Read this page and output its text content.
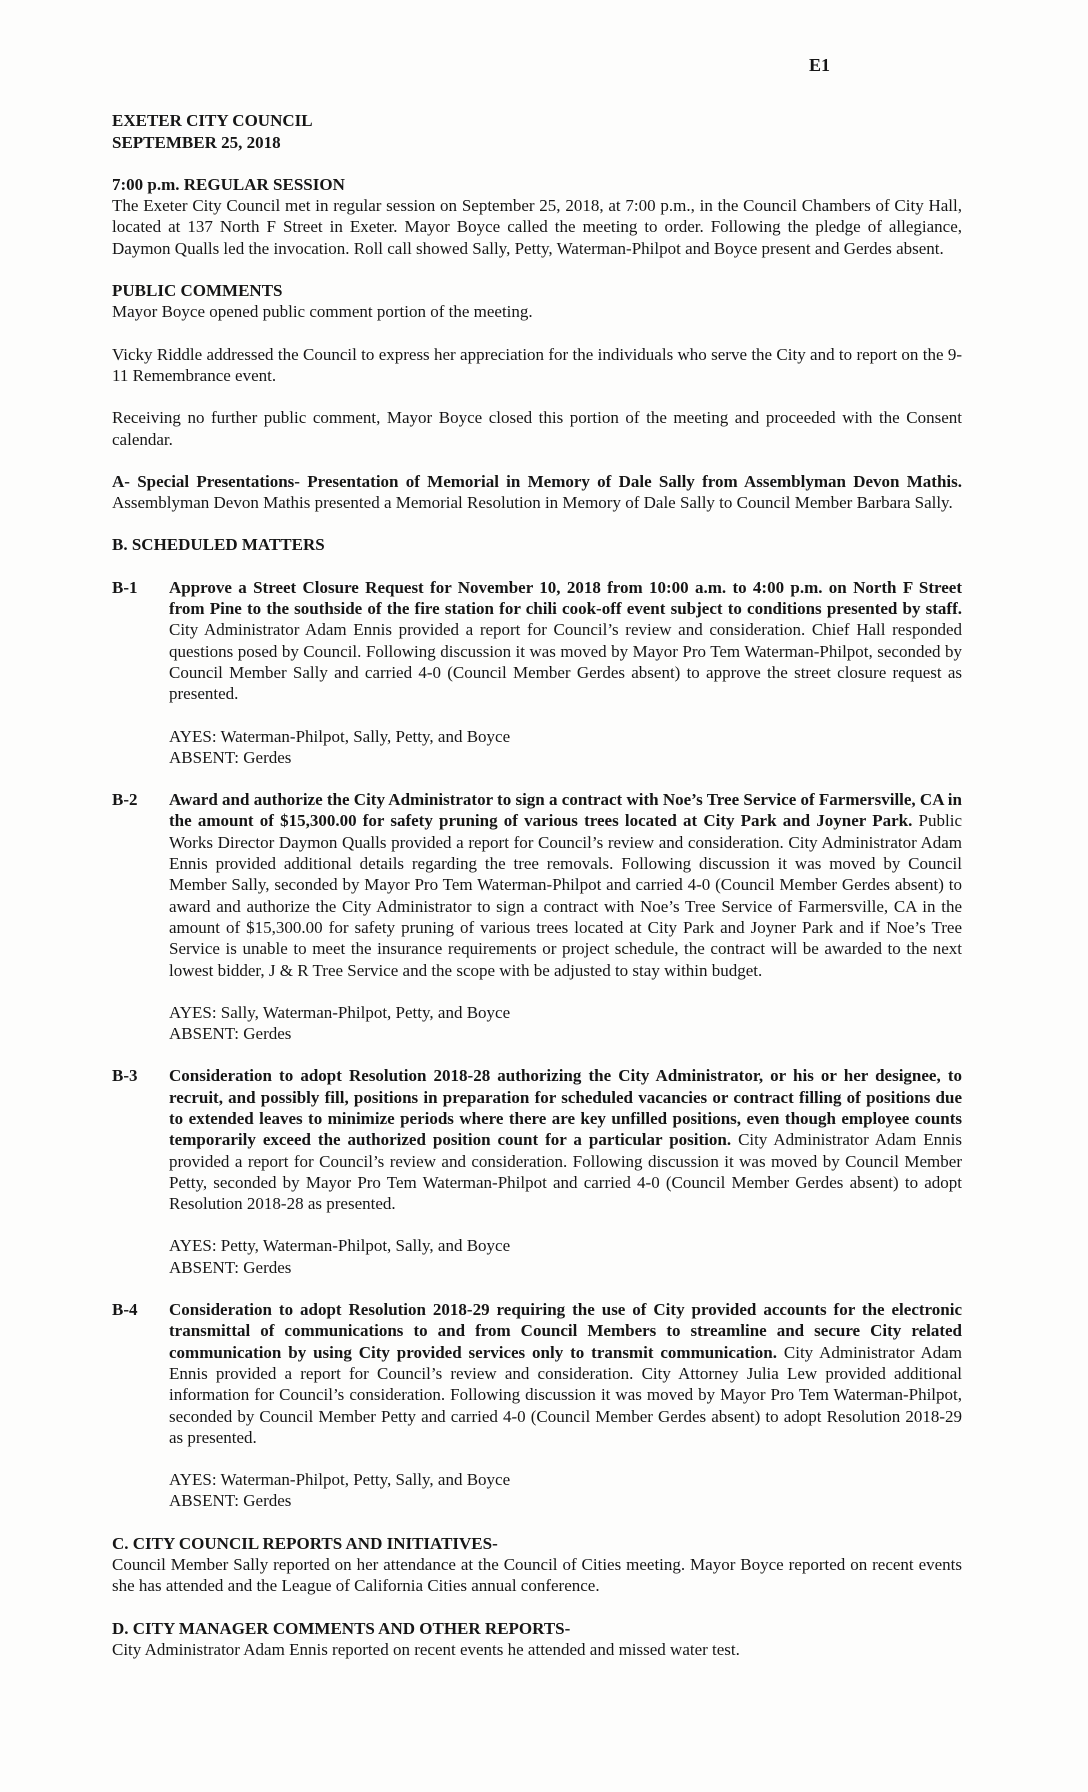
E1
EXETER CITY COUNCIL
SEPTEMBER 25, 2018
7:00 p.m. REGULAR SESSION

The Exeter City Council met in regular session on September 25, 2018, at 7:00 p.m., in the Council Chambers of City Hall, located at 137 North F Street in Exeter. Mayor Boyce called the meeting to order. Following the pledge of allegiance, Daymon Qualls led the invocation. Roll call showed Sally, Petty, Waterman-Philpot and Boyce present and Gerdes absent.

PUBLIC COMMENTS

Mayor Boyce opened public comment portion of the meeting.

Vicky Riddle addressed the Council to express her appreciation for the individuals who serve the City and to report on the 9-11 Remembrance event.

Receiving no further public comment, Mayor Boyce closed this portion of the meeting and proceeded with the Consent calendar.

A- Special Presentations- Presentation of Memorial in Memory of Dale Sally from Assemblyman Devon Mathis. Assemblyman Devon Mathis presented a Memorial Resolution in Memory of Dale Sally to Council Member Barbara Sally.

B. SCHEDULED MATTERS
B-1	Approve a Street Closure Request for November 10, 2018 from 10:00 a.m. to 4:00 p.m. on North F Street from Pine to the southside of the fire station for chili cook-off event subject to conditions presented by staff. City Administrator Adam Ennis provided a report for Council’s review and consideration. Chief Hall responded questions posed by Council. Following discussion it was moved by Mayor Pro Tem Waterman-Philpot, seconded by Council Member Sally and carried 4-0 (Council Member Gerdes absent) to approve the street closure request as presented.

AYES: Waterman-Philpot, Sally, Petty, and Boyce

ABSENT: Gerdes

B-2	Award and authorize the City Administrator to sign a contract with Noe’s Tree Service of Farmersville, CA in the amount of $15,300.00 for safety pruning of various trees located at City Park and Joyner Park. Public Works Director Daymon Qualls provided a report for Council’s review and consideration. City Administrator Adam Ennis provided additional details regarding the tree removals. Following discussion it was moved by Council Member Sally, seconded by Mayor Pro Tem Waterman-Philpot and carried 4-0 (Council Member Gerdes absent) to award and authorize the City Administrator to sign a contract with Noe’s Tree Service of Farmersville, CA in the amount of $15,300.00 for safety pruning of various trees located at City Park and Joyner Park and if Noe’s Tree Service is unable to meet the insurance requirements or project schedule, the contract will be awarded to the next lowest bidder, J & R Tree Service and the scope with be adjusted to stay within budget.

AYES: Sally, Waterman-Philpot, Petty, and Boyce

ABSENT: Gerdes

B-3	Consideration to adopt Resolution 2018-28 authorizing the City Administrator, or his or her designee, to recruit, and possibly fill, positions in preparation for scheduled vacancies or contract filling of positions due to extended leaves to minimize periods where there are key unfilled positions, even though employee counts temporarily exceed the authorized position count for a particular position. City Administrator Adam Ennis provided a report for Council’s review and consideration. Following discussion it was moved by Council Member Petty, seconded by Mayor Pro Tem Waterman-Philpot and carried 4-0 (Council Member Gerdes absent) to adopt Resolution 2018-28 as presented.

AYES: Petty, Waterman-Philpot, Sally, and Boyce

ABSENT: Gerdes

B-4	Consideration to adopt Resolution 2018-29 requiring the use of City provided accounts for the electronic transmittal of communications to and from Council Members to streamline and secure City related communication by using City provided services only to transmit communication. City Administrator Adam Ennis provided a report for Council’s review and consideration. City Attorney Julia Lew provided additional information for Council’s consideration. Following discussion it was moved by Mayor Pro Tem Waterman-Philpot, seconded by Council Member Petty and carried 4-0 (Council Member Gerdes absent) to adopt Resolution 2018-29 as presented.

AYES: Waterman-Philpot, Petty, Sally, and Boyce

ABSENT: Gerdes

C. CITY COUNCIL REPORTS AND INITIATIVES-

Council Member Sally reported on her attendance at the Council of Cities meeting. Mayor Boyce reported on recent events she has attended and the League of California Cities annual conference.

D. CITY MANAGER COMMENTS AND OTHER REPORTS-

City Administrator Adam Ennis reported on recent events he attended and missed water test.
